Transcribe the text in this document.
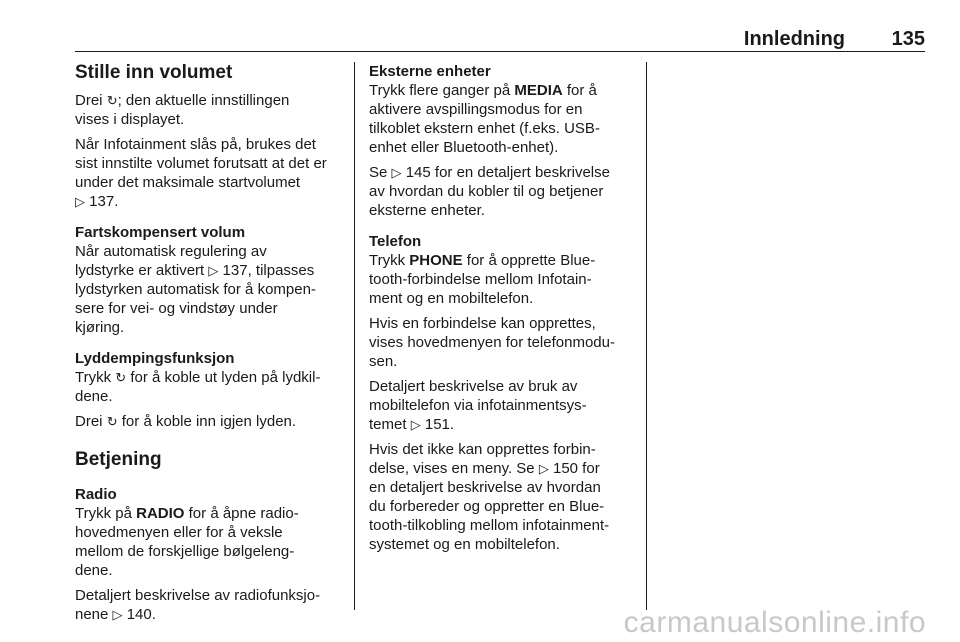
Innledning 135
Stille inn volumet

Drei ↻; den aktuelle innstillingen
vises i displayet.

Når Infotainment slås på, brukes det
sist innstilte volumet forutsatt at det er
under det maksimale startvolumet
▷ 137.

Fartskompensert volum

Når automatisk regulering av
lydstyrke er aktivert ▷ 137, tilpasses
lydstyrken automatisk for å kompen-
sere for vei- og vindstøy under
kjøring.

Lyddempingsfunksjon

Trykk ↻ for å koble ut lyden på lydkil-
dene.

Drei ↻ for å koble inn igjen lyden.

Betjening
Radio

Trykk på RADIO for å åpne radio-
hovedmenyen eller for å veksle
mellom de forskjellige bølgeleng-
dene.

Detaljert beskrivelse av radiofunksjo-
nene ▷ 140.

Eksterne enheter

Trykk flere ganger på MEDIA for å
aktivere avspillingsmodus for en
tilkoblet ekstern enhet (f.eks. USB-
enhet eller Bluetooth-enhet).

Se ▷ 145 for en detaljert beskrivelse
av hvordan du kobler til og betjener
eksterne enheter.

Telefon

Trykk PHONE for å opprette Blue-
tooth-forbindelse mellom Infotain-
ment og en mobiltelefon.

Hvis en forbindelse kan opprettes,
vises hovedmenyen for telefonmodu-
sen.

Detaljert beskrivelse av bruk av
mobiltelefon via infotainmentsys-
temet ▷ 151.

Hvis det ikke kan opprettes forbin-
delse, vises en meny. Se ▷ 150 for
en detaljert beskrivelse av hvordan
du forbereder og oppretter en Blue-
tooth-tilkobling mellom infotainment-
systemet og en mobiltelefon.

carmanualsonline.info
